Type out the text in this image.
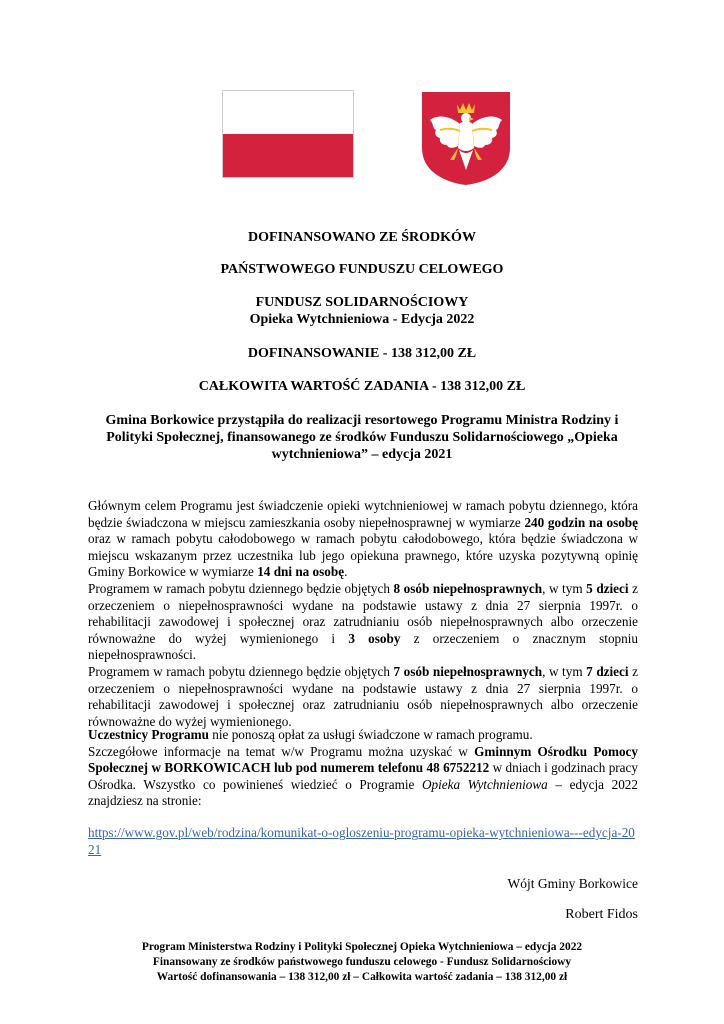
DOFINANSOWANO ZE ŚRODKÓW
PAŃSTWOWEGO FUNDUSZU CELOWEGO
FUNDUSZ SOLIDARNOŚCIOWY
Opieka Wytchnieniowa - Edycja 2022
DOFINANSOWANIE - 138 312,00 ZŁ
CAŁKOWITA WARTOŚĆ ZADANIA - 138 312,00 ZŁ
Gmina Borkowice przystąpiła do realizacji resortowego Programu Ministra Rodziny i Polityki Społecznej, finansowanego ze środków Funduszu Solidarnościowego „Opieka wytchnieniowa” – edycja 2021

Głównym celem Programu jest świadczenie opieki wytchnieniowej w ramach pobytu dziennego, która będzie świadczona w miejscu zamieszkania osoby niepełnosprawnej w wymiarze 240 godzin na osobę oraz w ramach pobytu całodobowego w ramach pobytu całodobowego, która będzie świadczona w miejscu wskazanym przez uczestnika lub jego opiekuna prawnego, które uzyska pozytywną opinię Gminy Borkowice w wymiarze 14 dni na osobę.

Programem w ramach pobytu dziennego będzie objętych 8 osób niepełnosprawnych, w tym 5 dzieci z orzeczeniem o niepełnosprawności wydane na podstawie ustawy z dnia 27 sierpnia 1997r. o rehabilitacji zawodowej i społecznej oraz zatrudnianiu osób niepełnosprawnych albo orzeczenie równoważne do wyżej wymienionego i 3 osoby z orzeczeniem o znacznym stopniu niepełnosprawności.

Programem w ramach pobytu dziennego będzie objętych 7 osób niepełnosprawnych, w tym 7 dzieci z orzeczeniem o niepełnosprawności wydane na podstawie ustawy z dnia 27 sierpnia 1997r. o rehabilitacji zawodowej i społecznej oraz zatrudnianiu osób niepełnosprawnych albo orzeczenie równoważne do wyżej wymienionego.

Uczestnicy Programu nie ponoszą opłat za usługi świadczone w ramach programu.

Szczegółowe informacje na temat w/w Programu można uzyskać w Gminnym Ośrodku Pomocy Społecznej w BORKOWICACH lub pod numerem telefonu 48 6752212 w dniach i godzinach pracy Ośrodka. Wszystko co powinieneś wiedzieć o Programie Opieka Wytchnieniowa – edycja 2022 znajdziesz na stronie:

https://www.gov.pl/web/rodzina/komunikat-o-ogloszeniu-programu-opieka-wytchnieniowa---edycja-2021
Wójt Gminy Borkowice
Robert Fidos
Program Ministerstwa Rodziny i Polityki Społecznej Opieka Wytchnieniowa – edycja 2022
Finansowany ze środków państwowego funduszu celowego - Fundusz Solidarnościowy
Wartość dofinansowania – 138 312,00 zł – Całkowita wartość zadania – 138 312,00 zł
